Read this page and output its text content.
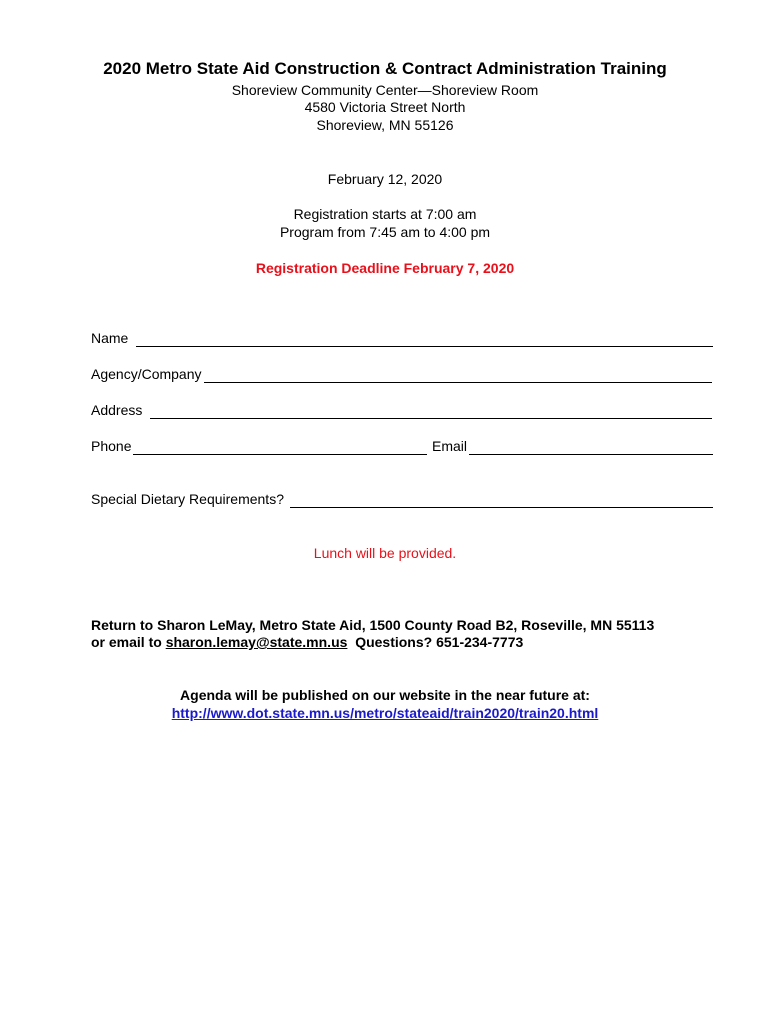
2020 Metro State Aid Construction & Contract Administration Training
Shoreview Community Center—Shoreview Room
4580 Victoria Street North
Shoreview, MN 55126
February 12, 2020
Registration starts at 7:00 am
Program from 7:45 am to 4:00 pm
Registration Deadline February 7, 2020
Name
Agency/Company
Address
Phone	Email
Special Dietary Requirements?
Lunch will be provided.
Return to Sharon LeMay, Metro State Aid, 1500 County Road B2, Roseville, MN 55113
or email to sharon.lemay@state.mn.us Questions? 651-234-7773
Agenda will be published on our website in the near future at:
http://www.dot.state.mn.us/metro/stateaid/train2020/train20.html
